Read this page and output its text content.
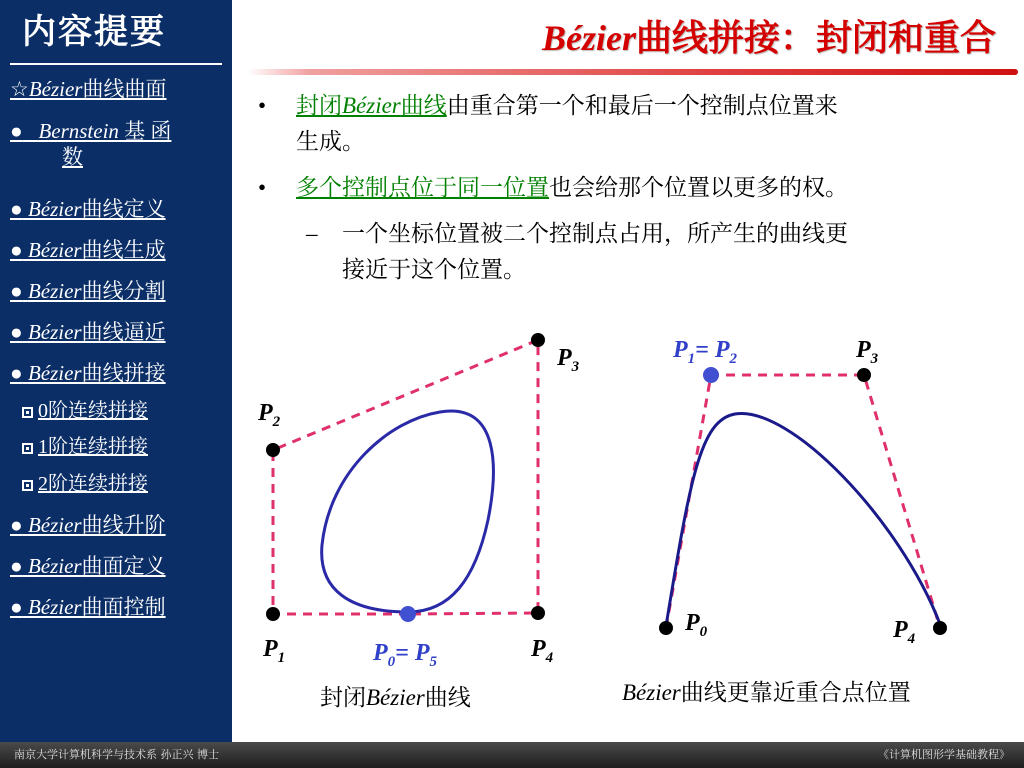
内容提要
☆Bézier曲线曲面
● Bernstein 基 函
数
● Bézier曲线定义
● Bézier曲线生成
● Bézier曲线分割
● Bézier曲线逼近
● Bézier曲线拼接
0阶连续拼接
1阶连续拼接
2阶连续拼接
● Bézier曲线升阶
● Bézier曲面定义
● Bézier曲面控制
Bézier曲线拼接：封闭和重合
• 封闭Bézier曲线由重合第一个和最后一个控制点位置来
生成。
• 多个控制点位于同一位置也会给那个位置以更多的权。
– 一个坐标位置被二个控制点占用，所产生的曲线更
接近于这个位置。
$P_2$
$P_3$
$P_1$	$P_4$
$P_0= P_5$
$P_1= P_2$	$P_3$
$P_0$	$P_4$
封闭Bézier曲线	Bézier曲线更靠近重合点位置
南京大学计算机科学与技术系 孙正兴 博士	《计算机图形学基础教程》
